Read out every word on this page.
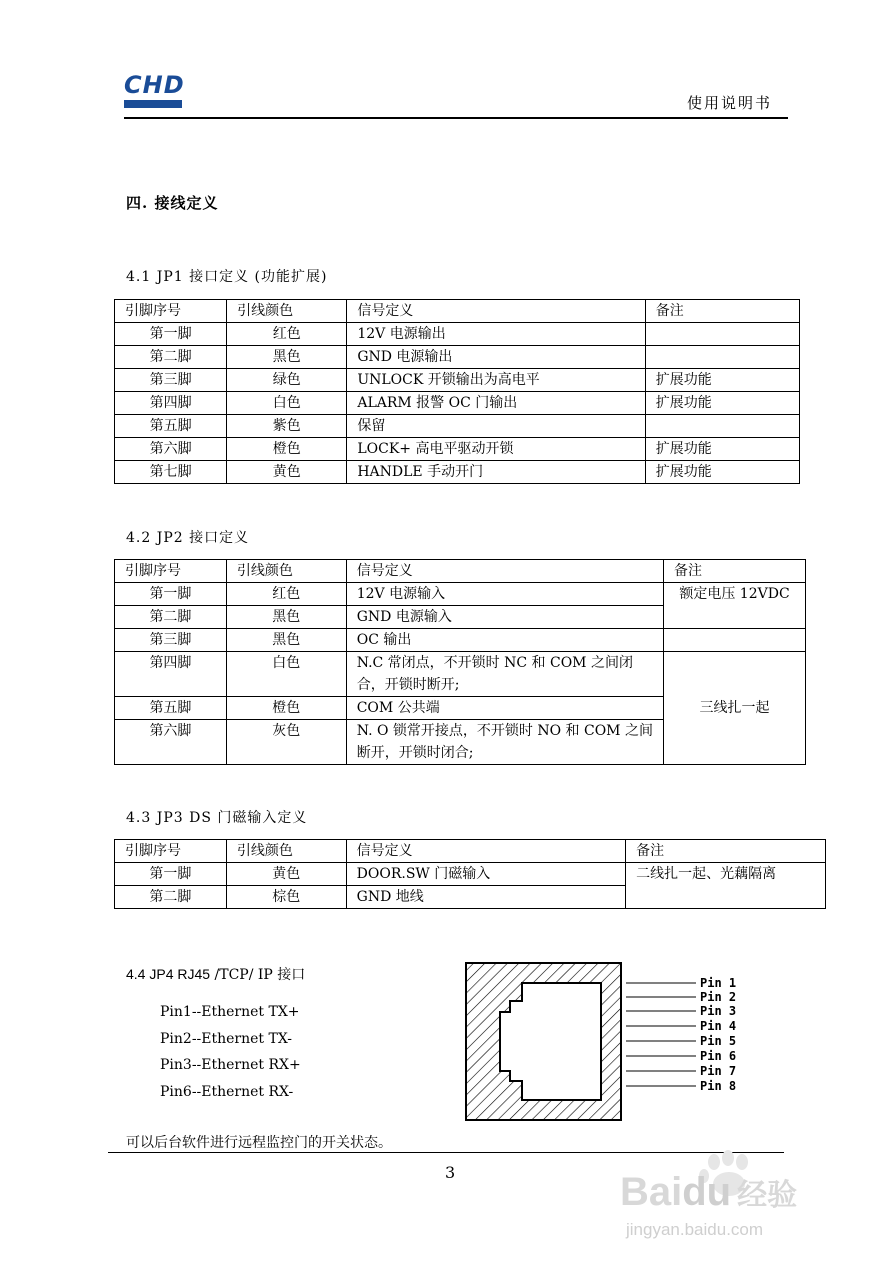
CHD
使用说明书
四. 接线定义
4.1 JP1 接口定义 (功能扩展)
引脚序号	引线颜色	信号定义	备注
第一脚	红色	12V 电源输出	
第二脚	黑色	GND 电源输出	
第三脚	绿色	UNLOCK 开锁输出为高电平	扩展功能
第四脚	白色	ALARM 报警 OC 门输出	扩展功能
第五脚	紫色	保留	
第六脚	橙色	LOCK+ 高电平驱动开锁	扩展功能
第七脚	黄色	HANDLE 手动开门	扩展功能
4.2 JP2 接口定义
引脚序号	引线颜色	信号定义	备注
第一脚	红色	12V 电源输入	额定电压 12VDC
第二脚	黑色	GND 电源输入	
第三脚	黑色	OC 输出	
第四脚	白色	N.C 常闭点，不开锁时 NC 和 COM 之间闭合，开锁时断开;	三线扎一起
第五脚	橙色	COM 公共端	
第六脚	灰色	N. O 锁常开接点，不开锁时 NO 和 COM 之间断开，开锁时闭合;	
4.3 JP3 DS 门磁输入定义
引脚序号	引线颜色	信号定义	备注
第一脚	黄色	DOOR.SW 门磁输入	二线扎一起、光藕隔离
第二脚	棕色	GND 地线	
4.4 JP4 RJ45 /TCP/ IP 接口
Pin1--Ethernet TX+
Pin2--Ethernet TX-
Pin3--Ethernet RX+
Pin6--Ethernet RX-
Pin 1
Pin 2
Pin 3
Pin 4
Pin 5
Pin 6
Pin 7
Pin 8
可以后台软件进行远程监控门的开关状态。
3	Baidu 经验
jingyan.baidu.com
